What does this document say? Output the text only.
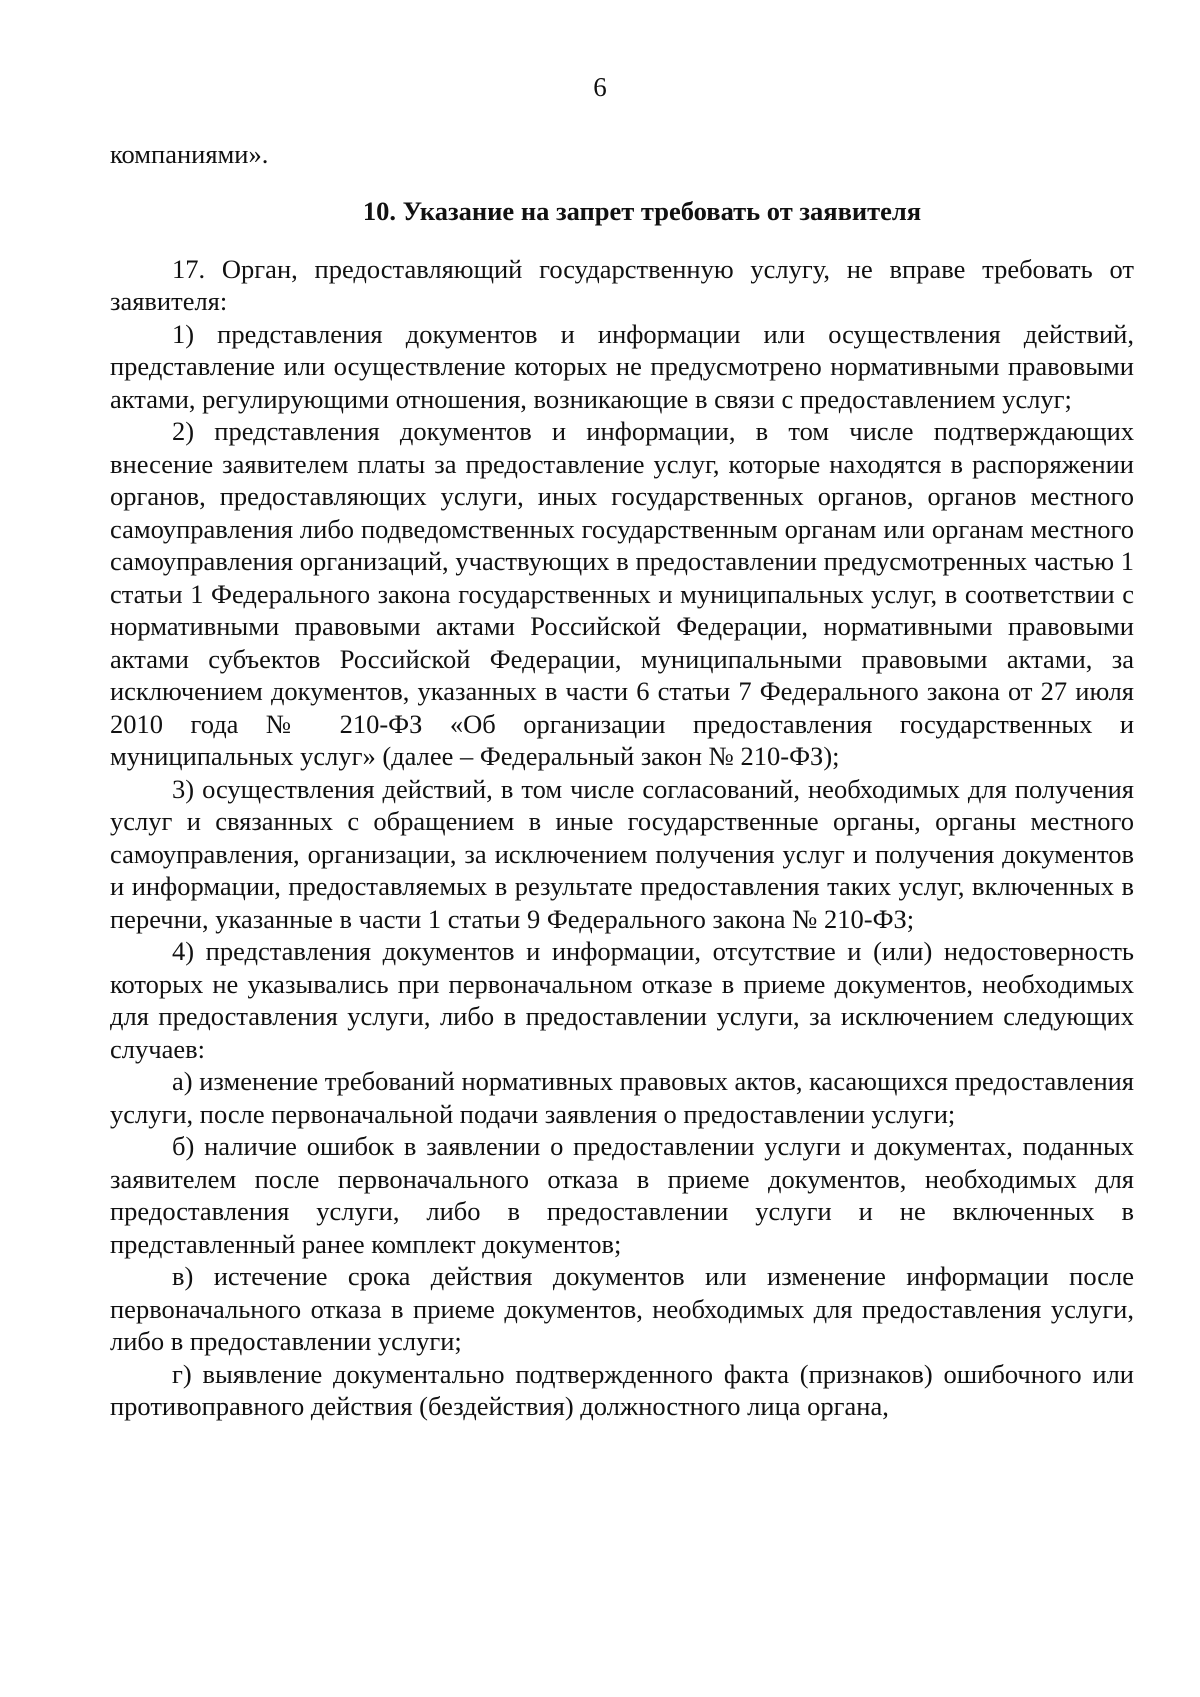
6

компаниями».

10. Указание на запрет требовать от заявителя

17. Орган, предоставляющий государственную услугу, не вправе требовать от заявителя:

1) представления документов и информации или осуществления действий, представление или осуществление которых не предусмотрено нормативными правовыми актами, регулирующими отношения, возникающие в связи с предоставлением услуг;

2) представления документов и информации, в том числе подтверждающих внесение заявителем платы за предоставление услуг, которые находятся в распоряжении органов, предоставляющих услуги, иных государственных органов, органов местного самоуправления либо подведомственных государственным органам или органам местного самоуправления организаций, участвующих в предоставлении предусмотренных частью 1 статьи 1 Федерального закона государственных и муниципальных услуг, в соответствии с нормативными правовыми актами Российской Федерации, нормативными правовыми актами субъектов Российской Федерации, муниципальными правовыми актами, за исключением документов, указанных в части 6 статьи 7 Федерального закона от 27 июля 2010 года № 210-ФЗ «Об организации предоставления государственных и муниципальных услуг» (далее – Федеральный закон № 210-ФЗ);

3) осуществления действий, в том числе согласований, необходимых для получения услуг и связанных с обращением в иные государственные органы, органы местного самоуправления, организации, за исключением получения услуг и получения документов и информации, предоставляемых в результате предоставления таких услуг, включенных в перечни, указанные в части 1 статьи 9 Федерального закона № 210-ФЗ;

4) представления документов и информации, отсутствие и (или) недостоверность которых не указывались при первоначальном отказе в приеме документов, необходимых для предоставления услуги, либо в предоставлении услуги, за исключением следующих случаев:

а) изменение требований нормативных правовых актов, касающихся предоставления услуги, после первоначальной подачи заявления о предоставлении услуги;

б) наличие ошибок в заявлении о предоставлении услуги и документах, поданных заявителем после первоначального отказа в приеме документов, необходимых для предоставления услуги, либо в предоставлении услуги и не включенных в представленный ранее комплект документов;

в) истечение срока действия документов или изменение информации после первоначального отказа в приеме документов, необходимых для предоставления услуги, либо в предоставлении услуги;

г) выявление документально подтвержденного факта (признаков) ошибочного или противоправного действия (бездействия) должностного лица органа,
